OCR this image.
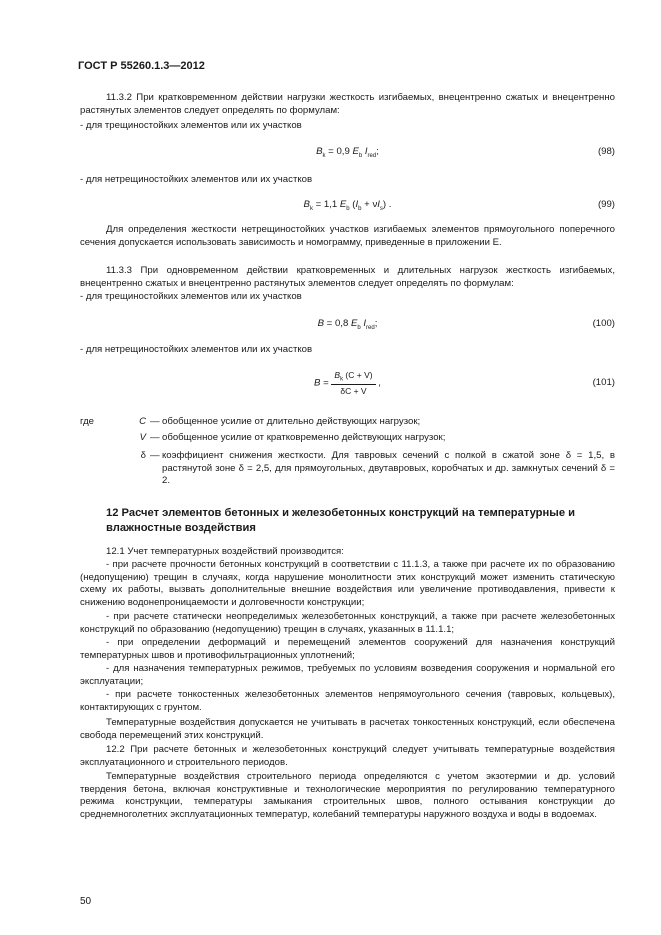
ГОСТ Р 55260.1.3—2012

11.3.2 При кратковременном действии нагрузки жесткость изгибаемых, внецентренно сжатых и внецентренно растянутых элементов следует определять по формулам:

- для трещиностойких элементов или их участков

$B_k = 0,9$ $E_b$ $I_{red}$;	(98)

- для нетрещиностойких элементов или их участков

$B_k = 1,1$ $E_b$ $(I_b + \nu I_s)$ .	(99)

Для определения жесткости нетрещиностойких участков изгибаемых элементов прямоугольного поперечного сечения допускается использовать зависимость и номограмму, приведенные в приложении Е.

11.3.3 При одновременном действии кратковременных и длительных нагрузок жесткость изгибаемых, внецентренно сжатых и внецентренно растянутых элементов следует определять по формулам:

- для трещиностойких элементов или их участков

B = 0,8 $E_b$ $I_{red}$;	(100)

- для нетрещиностойких элементов или их участков

$B = \frac{B_k (C + V)}{\delta C + V}$ ,	(101)
где	C — обобщенное усилие от длительно действующих нагрузок;
V — обобщенное усилие от кратковременно действующих нагрузок;
δ — коэффициент снижения жесткости. Для тавровых сечений с полкой в сжатой зоне δ = 1,5, в растянутой зоне δ = 2,5, для прямоугольных, двутавровых, коробчатых и др. замкнутых сечений δ = 2.
12 Расчет элементов бетонных и железобетонных конструкций на температурные и влажностные воздействия

12.1 Учет температурных воздействий производится:

- при расчете прочности бетонных конструкций в соответствии с 11.1.3, а также при расчете их по образованию (недопущению) трещин в случаях, когда нарушение монолитности этих конструкций может изменить статическую схему их работы, вызвать дополнительные внешние воздействия или увеличение противодавления, привести к снижению водонепроницаемости и долговечности конструкции;

- при расчете статически неопределимых железобетонных конструкций, а также при расчете железобетонных конструкций по образованию (недопущению) трещин в случаях, указанных в 11.1.1;

- при определении деформаций и перемещений элементов сооружений для назначения конструкций температурных швов и противофильтрационных уплотнений;

- для назначения температурных режимов, требуемых по условиям возведения сооружения и нормальной его эксплуатации;

- при расчете тонкостенных железобетонных элементов непрямоугольного сечения (тавровых, кольцевых), контактирующих с грунтом.

Температурные воздействия допускается не учитывать в расчетах тонкостенных конструкций, если обеспечена свобода перемещений этих конструкций.

12.2 При расчете бетонных и железобетонных конструкций следует учитывать температурные воздействия эксплуатационного и строительного периодов.

Температурные воздействия строительного периода определяются с учетом экзотермии и др. условий твердения бетона, включая конструктивные и технологические мероприятия по регулированию температурного режима конструкции, температуры замыкания строительных швов, полного остывания конструкции до среднемноголетних эксплуатационных температур, колебаний температуры наружного воздуха и воды в водоемах.

50
